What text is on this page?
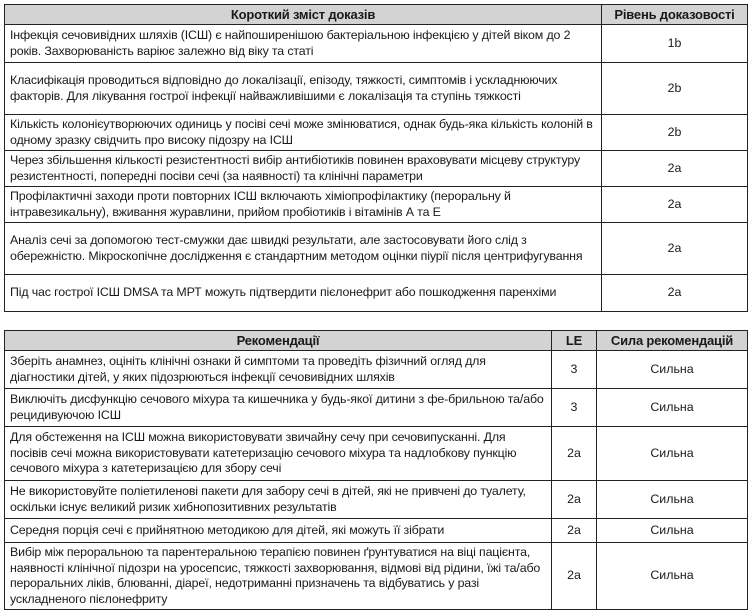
Короткий зміст доказів	Рівень доказовості
Інфекція сечовивідних шляхів (ІСШ) є найпоширенішою бактеріальною інфекцією у дітей віком до 2 років. Захворюваність варіює залежно від віку та статі	1b
Класифікація проводиться відповідно до локалізації, епізоду, тяжкості, симптомів і ускладнюючих факторів. Для лікування гострої інфекції найважливішими є локалізація та ступінь тяжкості	2b
Кількість колонієутворюючих одиниць у посіві сечі може змінюватися, однак будь-яка кількість колоній в одному зразку свідчить про високу підозру на ІСШ	2b
Через збільшення кількості резистентності вибір антибіотиків повинен враховувати місцеву структуру резистентності, попередні посіви сечі (за наявності) та клінічні параметри	2a
Профілактичні заходи проти повторних ІСШ включають хіміопрофілактику (пероральну й інтравезикальну), вживання журавлини, прийом пробіотиків і вітамінів А та Е	2a
Аналіз сечі за допомогою тест-смужки дає швидкі результати, але застосовувати його слід з обережністю. Мікроскопічне дослідження є стандартним методом оцінки піурії після центрифугування	2a
Під час гострої ІСШ DMSA та МРТ можуть підтвердити пієлонефрит або пошкодження паренхіми	2a
Рекомендації	LE	Сила рекомендацій
Зберіть анамнез, оцініть клінічні ознаки й симптоми та проведіть фізичний огляд для діагностики дітей, у яких підозрюються інфекції сечовивідних шляхів	3	Сильна
Виключіть дисфункцію сечового міхура та кишечника у будь-якої дитини з фе-брильною та/або рецидивуючою ІСШ	3	Сильна
Для обстеження на ІСШ можна використовувати звичайну сечу при сечовипусканні. Для посівів сечі можна використовувати катетеризацію сечового міхура та надлобкову пункцію сечового міхура з катетеризацією для збору сечі	2a	Сильна
Не використовуйте поліетиленові пакети для забору сечі в дітей, які не привчені до туалету, оскільки існує великий ризик хибнопозитивних результатів	2a	Сильна
Середня порція сечі є прийнятною методикою для дітей, які можуть її зібрати	2a	Сильна
Вибір між пероральною та парентеральною терапією повинен ґрунтуватися на віці пацієнта, наявності клінічної підозри на уросепсис, тяжкості захворювання, відмові від рідини, їжі та/або пероральних ліків, блюванні, діареї, недотриманні призначень та відбуватись у разі ускладненого пієлонефриту	2a	Сильна
